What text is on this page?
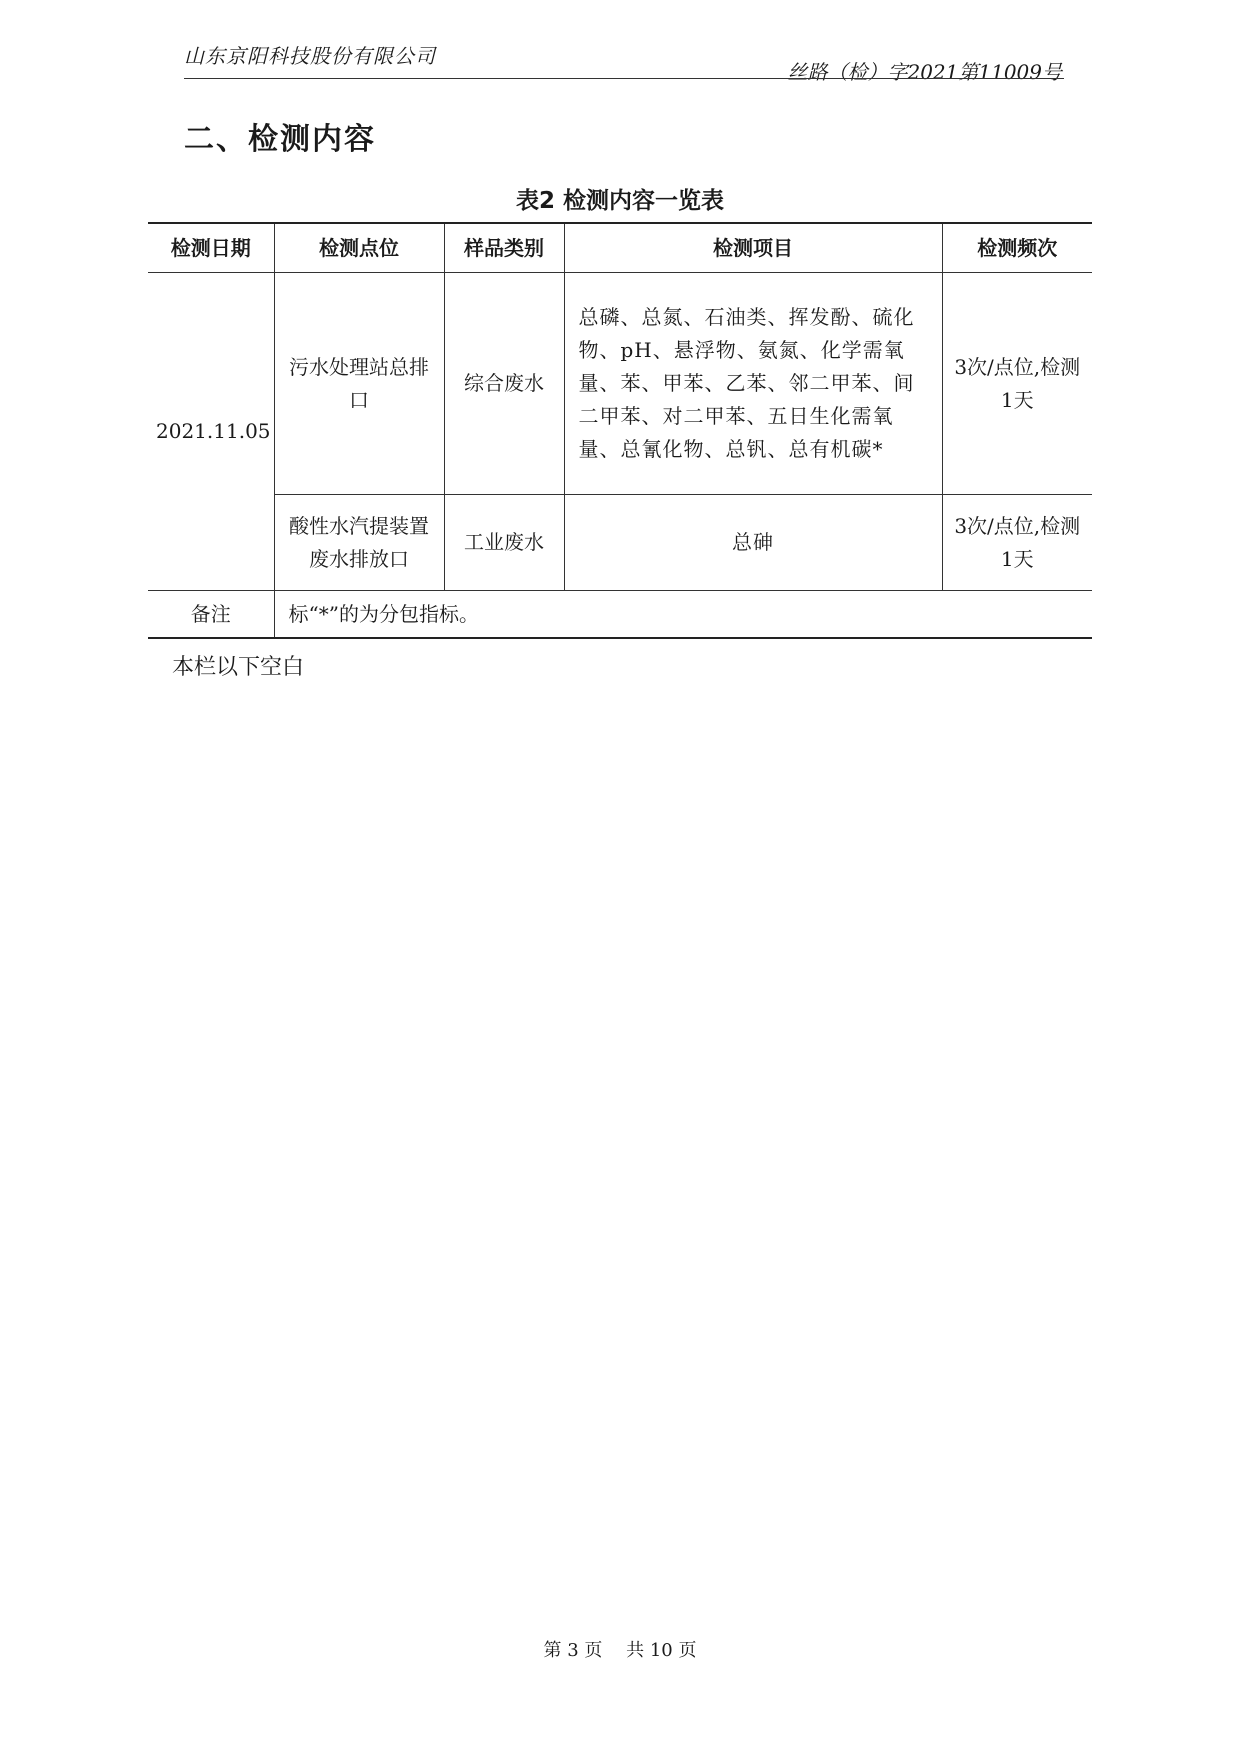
山东京阳科技股份有限公司
丝路（检）字2021第11009号
二、检测内容
表2 检测内容一览表
检测日期	检测点位	样品类别	检测项目	检测频次
2021.11.05	污水处理站总排口	综合废水	总磷、总氮、石油类、挥发酚、硫化物、pH、悬浮物、氨氮、化学需氧量、苯、甲苯、乙苯、邻二甲苯、间二甲苯、对二甲苯、五日生化需氧量、总氰化物、总钒、总有机碳*	3次/点位,检测1天
	酸性水汽提装置废水排放口	工业废水	总砷	3次/点位,检测1天
备注	标“*”的为分包指标。			
本栏以下空白
第 3 页　 共 10 页
